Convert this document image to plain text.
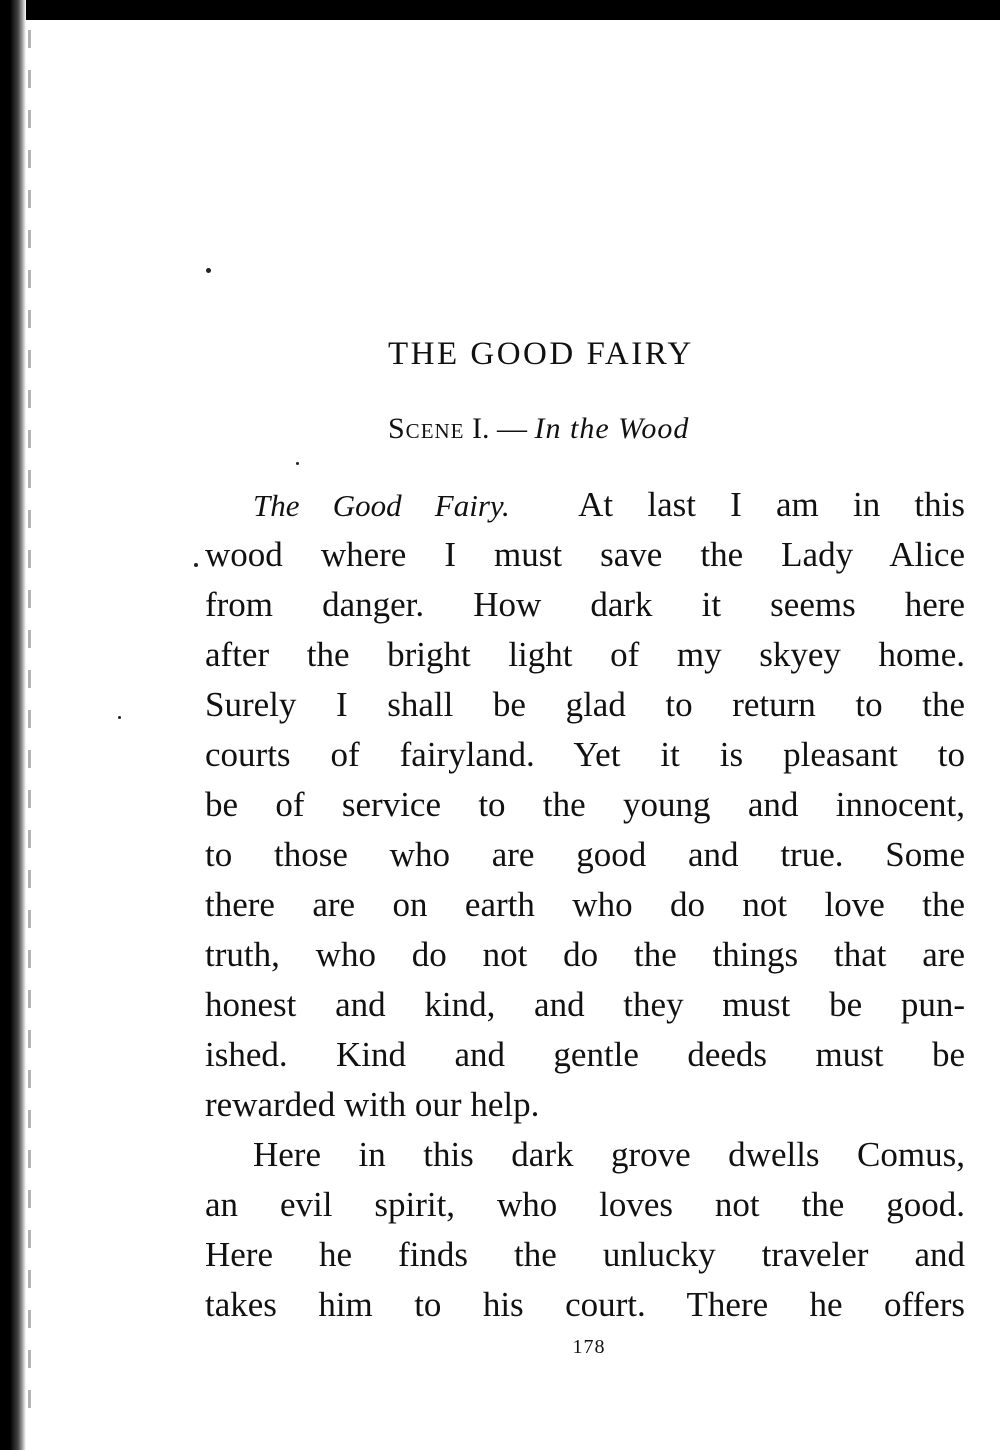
THE GOOD FAIRY
Scene I. — In the Wood
The Good Fairy. At last I am in this
wood where I must save the Lady Alice
from danger. How dark it seems here
after the bright light of my skyey home.
Surely I shall be glad to return to the
courts of fairyland. Yet it is pleasant to
be of service to the young and innocent,
to those who are good and true. Some
there are on earth who do not love the
truth, who do not do the things that are
honest and kind, and they must be pun-
ished. Kind and gentle deeds must be
rewarded with our help.
Here in this dark grove dwells Comus,
an evil spirit, who loves not the good.
Here he finds the unlucky traveler and
takes him to his court. There he offers
178
